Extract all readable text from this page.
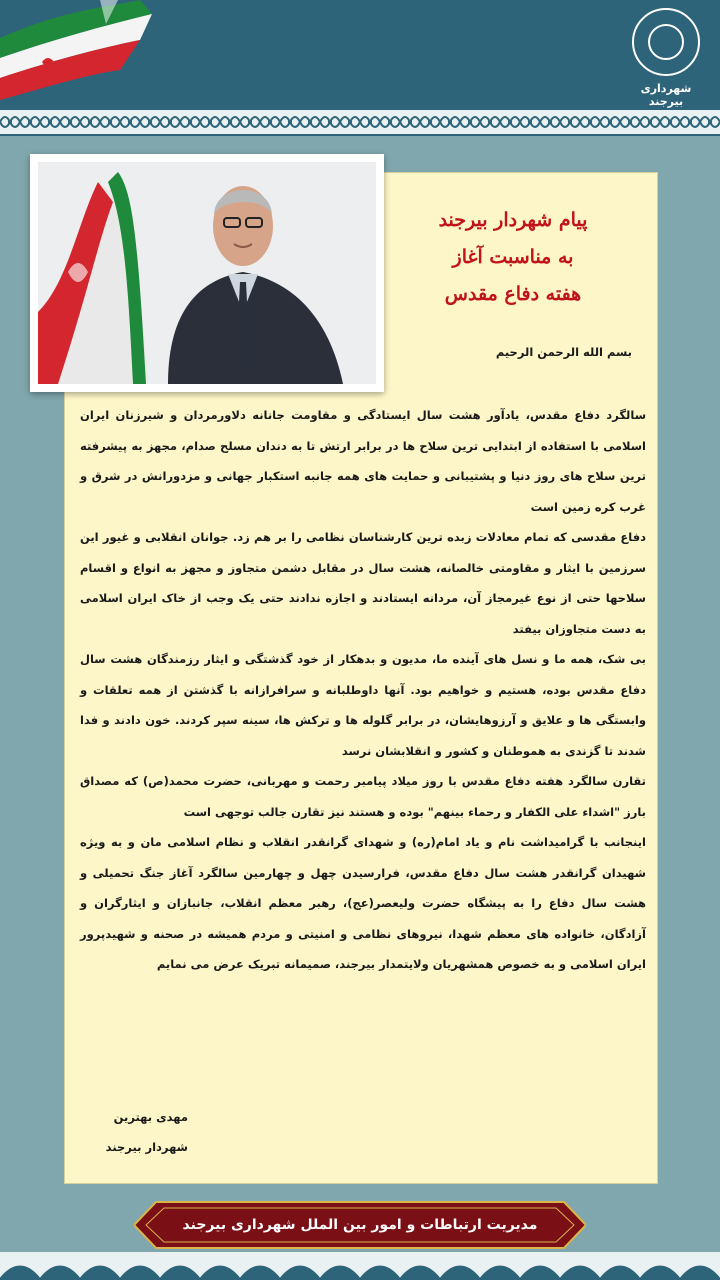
شهرداری بیرجند
پیام شهردار بیرجند
به مناسبت آغاز
هفته دفاع مقدس
بسم الله الرحمن الرحیم

سالگرد دفاع مقدس، یادآور هشت سال ایستادگی و مقاومت جانانه دلاورمردان و شیرزنان ایران اسلامی با استفاده از ابتدایی ترین سلاح ها در برابر ارتش تا به دندان مسلح صدام، مجهز به پیشرفته ترین سلاح های روز دنیا و پشتیبانی و حمایت های همه جانبه استکبار جهانی و مزدورانش در شرق و غرب کره زمین است

دفاع مقدسی که تمام معادلات زبده ترین کارشناسان نظامی را بر هم زد. جوانان انقلابی و غیور این سرزمین با ایثار و مقاومتی خالصانه، هشت سال در مقابل دشمن متجاوز و مجهز به انواع و اقسام سلاحها حتی از نوع غیرمجاز آن، مردانه ایستادند و اجازه ندادند حتی یک وجب از خاک ایران اسلامی به دست متجاوزان بیفتد

بی شک، همه ما و نسل های آینده ما، مدیون و بدهکار از خود گذشتگی و ایثار رزمندگان هشت سال دفاع مقدس بوده، هستیم و خواهیم بود. آنها داوطلبانه و سرافرازانه با گذشتن از همه تعلقات و وابستگی ها و علایق و آرزوهایشان، در برابر گلوله ها و ترکش ها، سینه سپر کردند. خون دادند و فدا شدند تا گزندی به هموطنان و کشور و انقلابشان نرسد

تقارن سالگرد هفته دفاع مقدس با روز میلاد پیامبر رحمت و مهربانی، حضرت محمد(ص) که مصداق بارز "اشداء علی الکفار و رحماء بینهم" بوده و هستند نیز تقارن جالب توجهی است

اینجانب با گرامیداشت نام و یاد امام(ره) و شهدای گرانقدر انقلاب و نظام اسلامی مان و به ویژه شهیدان گرانقدر هشت سال دفاع مقدس، فرارسیدن چهل و چهارمین سالگرد آغاز جنگ تحمیلی و هشت سال دفاع را به پیشگاه حضرت ولیعصر(عج)، رهبر معظم انقلاب، جانبازان و ایثارگران و آزادگان، خانواده های معظم شهدا، نیروهای نظامی و امنیتی و مردم همیشه در صحنه و شهیدپرور ایران اسلامی و به خصوص همشهریان ولایتمدار بیرجند، صمیمانه تبریک عرض می نمایم

مهدی بهترین
شهردار بیرجند
مدیریت ارتباطات و امور بین الملل شهرداری بیرجند
